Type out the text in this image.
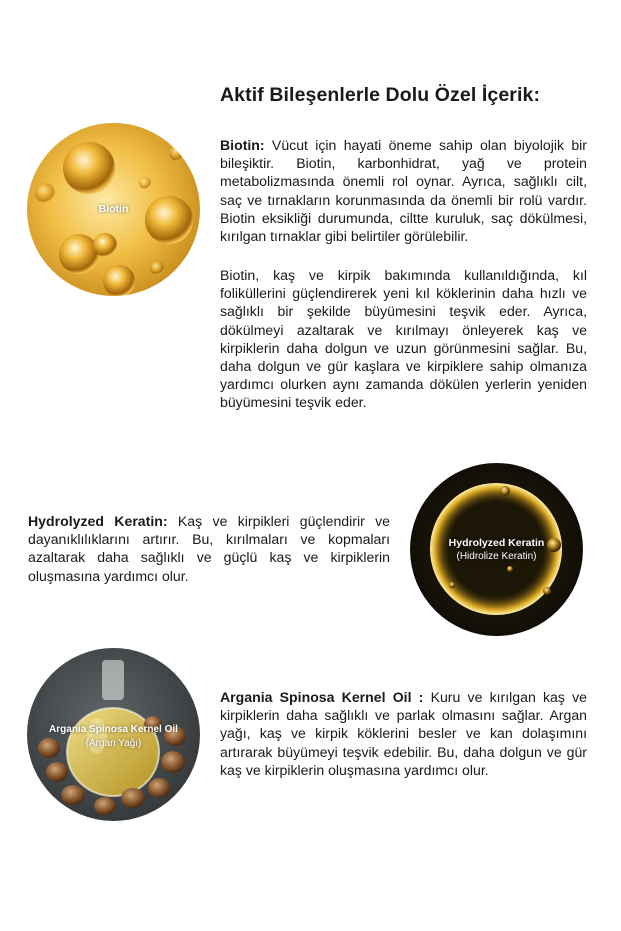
Aktif Bileşenlerle Dolu Özel İçerik:
Biotin

Biotin: Vücut için hayati öneme sahip olan biyolojik bir bileşiktir. Biotin, karbonhidrat, yağ ve protein metabolizmasında önemli rol oynar. Ayrıca, sağlıklı cilt, saç ve tırnakların korunmasında da önemli bir rolü vardır. Biotin eksikliği durumunda, ciltte kuruluk, saç dökülmesi, kırılgan tırnaklar gibi belirtiler görülebilir.

Biotin, kaş ve kirpik bakımında kullanıldığında, kıl foliküllerini güçlendirerek yeni kıl köklerinin daha hızlı ve sağlıklı bir şekilde büyümesini teşvik eder. Ayrıca, dökülmeyi azaltarak ve kırılmayı önleyerek kaş ve kirpiklerin daha dolgun ve uzun görünmesini sağlar. Bu, daha dolgun ve gür kaşlara ve kirpiklere sahip olmanıza yardımcı olurken aynı zamanda dökülen yerlerin yeniden büyümesini teşvik eder.

Hydrolyzed Keratin: Kaş ve kirpikleri güçlendirir ve dayanıklılıklarını artırır. Bu, kırılmaları ve kopmaları azaltarak daha sağlıklı ve güçlü kaş ve kirpiklerin oluşmasına yardımcı olur.

Hydrolyzed Keratin
(Hidrolize Keratin)
Argania Spinosa Kernel Oil
(Argan Yağı)

Argania Spinosa Kernel Oil : Kuru ve kırılgan kaş ve kirpiklerin daha sağlıklı ve parlak olmasını sağlar. Argan yağı, kaş ve kirpik köklerini besler ve kan dolaşımını artırarak büyümeyi teşvik edebilir. Bu, daha dolgun ve gür kaş ve kirpiklerin oluşmasına yardımcı olur.
